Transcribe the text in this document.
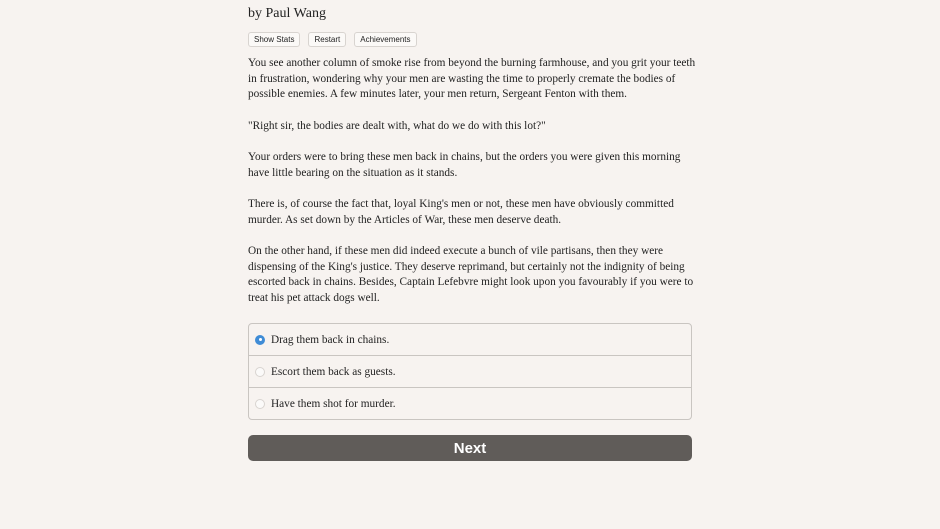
by Paul Wang
Show Stats	Restart	Achievements

You see another column of smoke rise from beyond the burning farmhouse, and you grit your teeth in frustration, wondering why your men are wasting the time to properly cremate the bodies of possible enemies. A few minutes later, your men return, Sergeant Fenton with them.

"Right sir, the bodies are dealt with, what do we do with this lot?"

Your orders were to bring these men back in chains, but the orders you were given this morning have little bearing on the situation as it stands.

There is, of course the fact that, loyal King's men or not, these men have obviously committed murder. As set down by the Articles of War, these men deserve death.

On the other hand, if these men did indeed execute a bunch of vile partisans, then they were dispensing of the King's justice. They deserve reprimand, but certainly not the indignity of being escorted back in chains. Besides, Captain Lefebvre might look upon you favourably if you were to treat his pet attack dogs well.

Drag them back in chains.
Escort them back as guests.
Have them shot for murder.
Next
